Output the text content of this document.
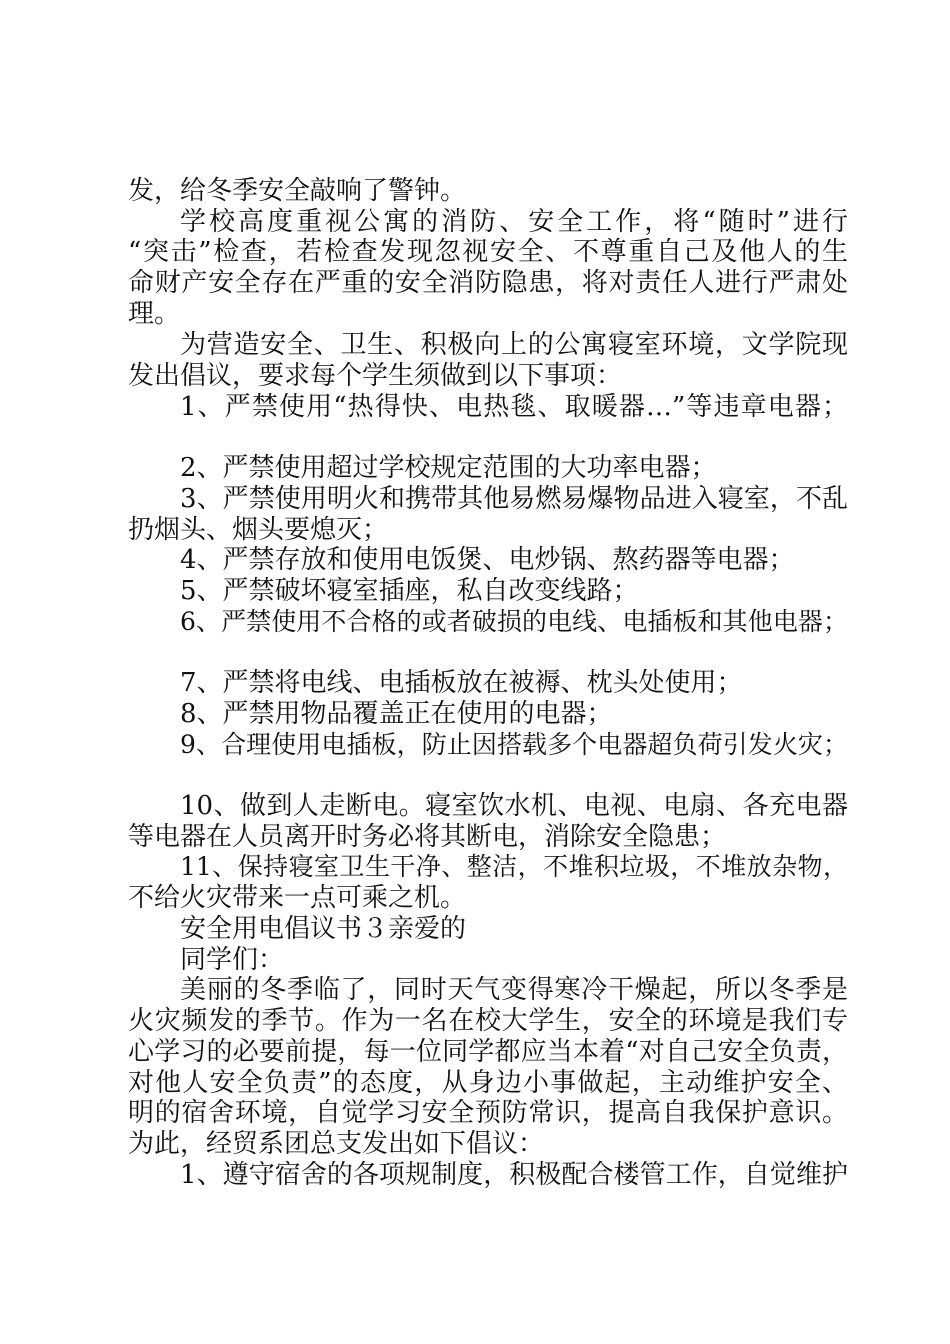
发，给冬季安全敲响了警钟。
学校高度重视公寓的消防、安全工作，将“随时”进行
“突击”检查，若检查发现忽视安全、不尊重自己及他人的生
命财产安全存在严重的安全消防隐患，将对责任人进行严肃处
理。
为营造安全、卫生、积极向上的公寓寝室环境，文学院现
发出倡议，要求每个学生须做到以下事项：
1、严禁使用“热得快、电热毯、取暖器…”等违章电器；
2、严禁使用超过学校规定范围的大功率电器；
3、严禁使用明火和携带其他易燃易爆物品进入寝室，不乱
扔烟头、烟头要熄灭；
4、严禁存放和使用电饭煲、电炒锅、熬药器等电器；
5、严禁破坏寝室插座，私自改变线路；
6、严禁使用不合格的或者破损的电线、电插板和其他电器；
7、严禁将电线、电插板放在被褥、枕头处使用；
8、严禁用物品覆盖正在使用的电器；
9、合理使用电插板，防止因搭载多个电器超负荷引发火灾；
10、做到人走断电。寝室饮水机、电视、电扇、各充电器
等电器在人员离开时务必将其断电，消除安全隐患；
11、保持寝室卫生干净、整洁，不堆积垃圾，不堆放杂物，
不给火灾带来一点可乘之机。
安全用电倡议书３亲爱的
同学们：
美丽的冬季临了，同时天气变得寒冷干燥起，所以冬季是
火灾频发的季节。作为一名在校大学生，安全的环境是我们专
心学习的必要前提，每一位同学都应当本着“对自己安全负责，
对他人安全负责”的态度，从身边小事做起，主动维护安全、
明的宿舍环境，自觉学习安全预防常识，提高自我保护意识。
为此，经贸系团总支发出如下倡议：
1、遵守宿舍的各项规制度，积极配合楼管工作，自觉维护
